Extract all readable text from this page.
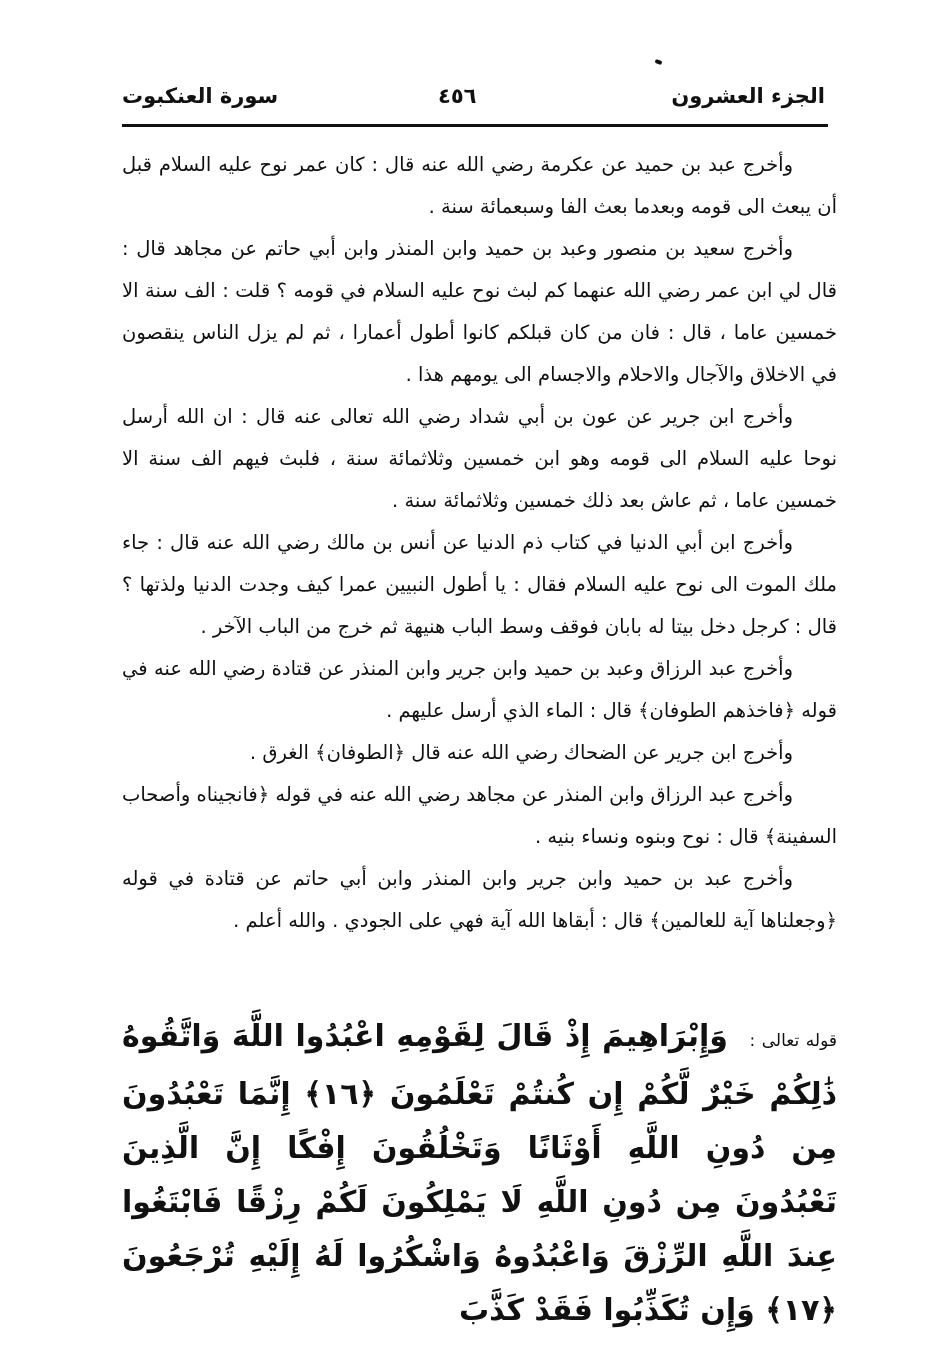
الجزء العشرون
٤٥٦
سورة العنكبوت

وأخرج عبد بن حميد عن عكرمة رضي الله عنه قال : كان عمر نوح عليه السلام قبل أن يبعث الى قومه وبعدما بعث الفا وسبعمائة سنة .

وأخرج سعيد بن منصور وعبد بن حميد وابن المنذر وابن أبي حاتم عن مجاهد قال : قال لي ابن عمر رضي الله عنهما كم لبث نوح عليه السلام في قومه ؟ قلت : الف سنة الا خمسين عاما ، قال : فان من كان قبلكم كانوا أطول أعمارا ، ثم لم يزل الناس ينقصون في الاخلاق والآجال والاحلام والاجسام الى يومهم هذا .

وأخرج ابن جرير عن عون بن أبي شداد رضي الله تعالى عنه قال : ان الله أرسل نوحا عليه السلام الى قومه وهو ابن خمسين وثلاثمائة سنة ، فلبث فيهم الف سنة الا خمسين عاما ، ثم عاش بعد ذلك خمسين وثلاثمائة سنة .

وأخرج ابن أبي الدنيا في كتاب ذم الدنيا عن أنس بن مالك رضي الله عنه قال : جاء ملك الموت الى نوح عليه السلام فقال : يا أطول النبيين عمرا كيف وجدت الدنيا ولذتها ؟ قال : كرجل دخل بيتا له بابان فوقف وسط الباب هنيهة ثم خرج من الباب الآخر .

وأخرج عبد الرزاق وعبد بن حميد وابن جرير وابن المنذر عن قتادة رضي الله عنه في قوله ﴿فاخذهم الطوفان﴾ قال : الماء الذي أرسل عليهم .

وأخرج ابن جرير عن الضحاك رضي الله عنه قال ﴿الطوفان﴾ الغرق .

وأخرج عبد الرزاق وابن المنذر عن مجاهد رضي الله عنه في قوله ﴿فانجيناه وأصحاب السفينة﴾ قال : نوح وبنوه ونساء بنيه .

وأخرج عبد بن حميد وابن جرير وابن المنذر وابن أبي حاتم عن قتادة في قوله ﴿وجعلناها آية للعالمين﴾ قال : أبقاها الله آية فهي على الجودي . والله أعلم .

قوله تعالى : وَإِبْرَاهِيمَ إِذْ قَالَ لِقَوْمِهِ اعْبُدُوا اللَّهَ وَاتَّقُوهُ ذَٰلِكُمْ خَيْرٌ لَّكُمْ إِن كُنتُمْ تَعْلَمُونَ ﴿١٦﴾ إِنَّمَا تَعْبُدُونَ مِن دُونِ اللَّهِ أَوْثَانًا وَتَخْلُقُونَ إِفْكًا إِنَّ الَّذِينَ تَعْبُدُونَ مِن دُونِ اللَّهِ لَا يَمْلِكُونَ لَكُمْ رِزْقًا فَابْتَغُوا عِندَ اللَّهِ الرِّزْقَ وَاعْبُدُوهُ وَاشْكُرُوا لَهُ إِلَيْهِ تُرْجَعُونَ ﴿١٧﴾ وَإِن تُكَذِّبُوا فَقَدْ كَذَّبَ
